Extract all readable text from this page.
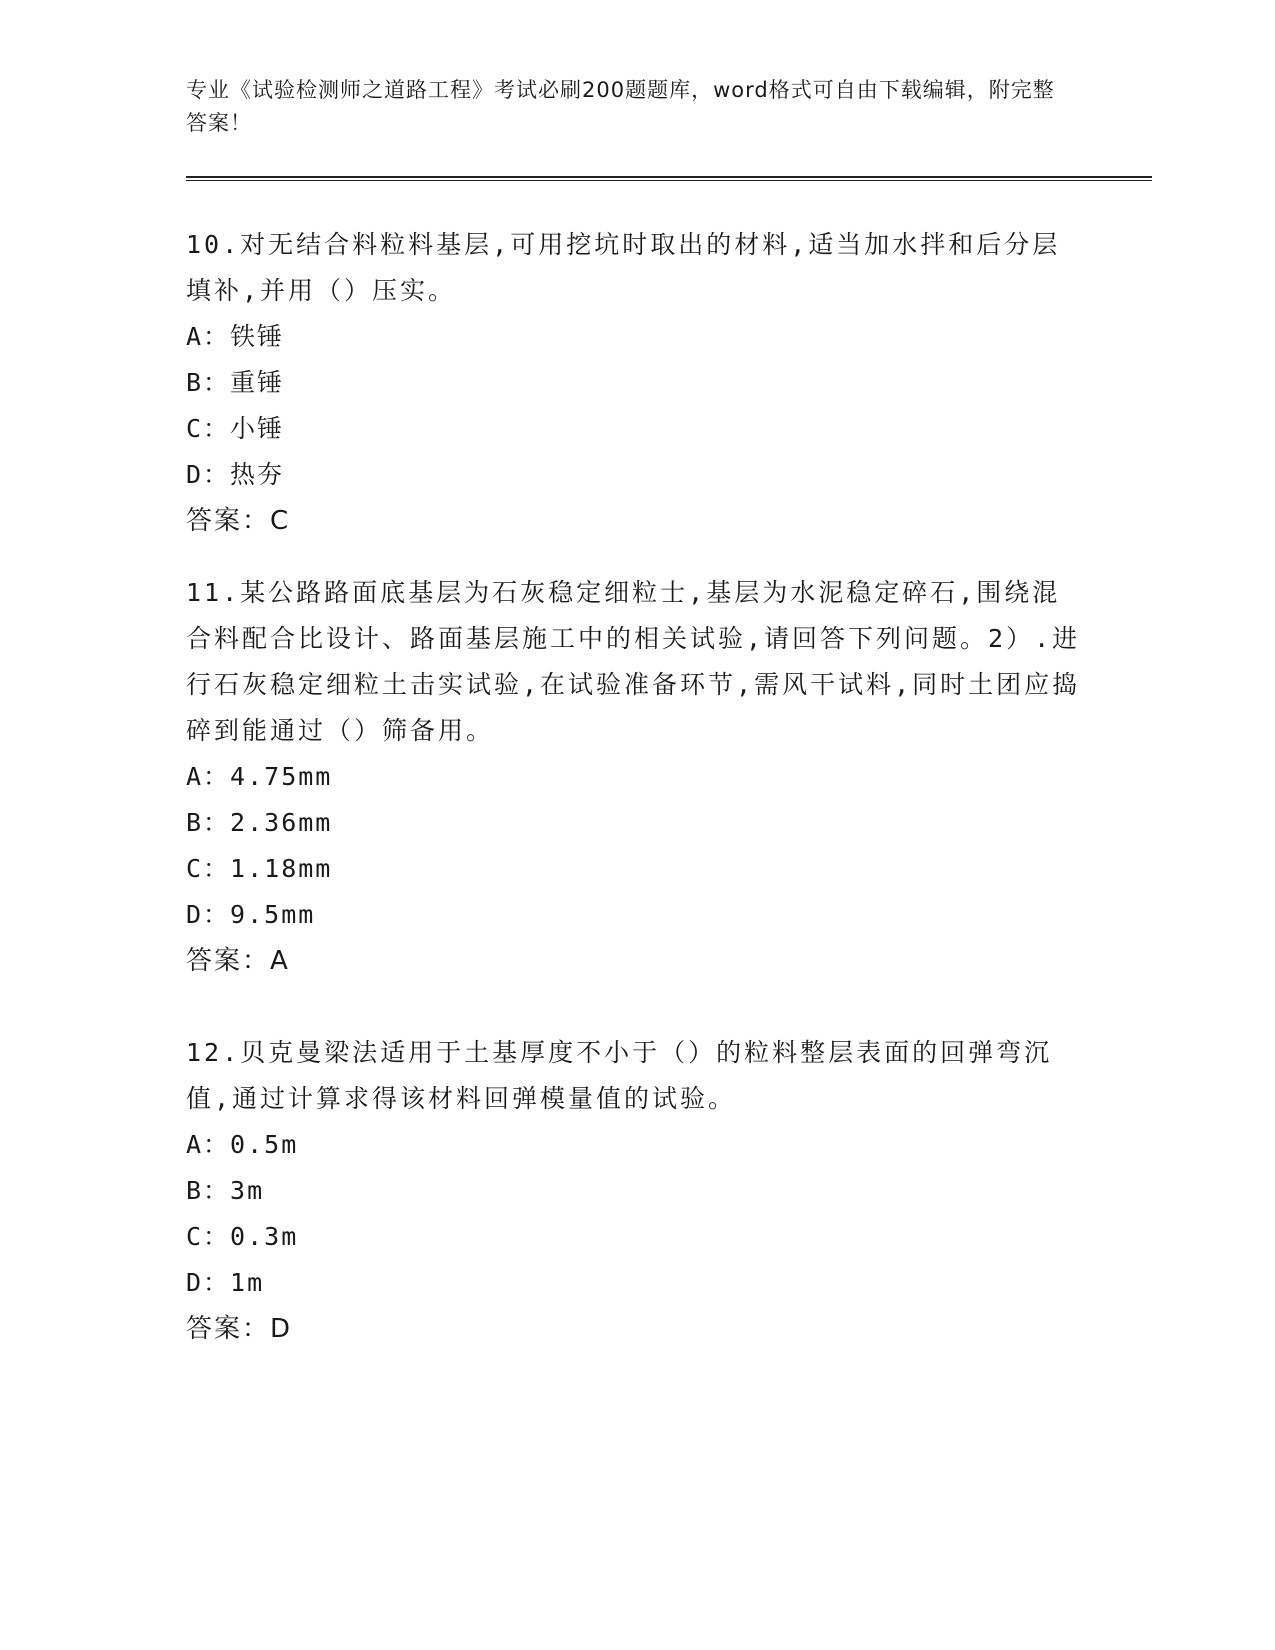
专业《试验检测师之道路工程》考试必刷200题题库，word格式可自由下载编辑，附完整答案！

10.对无结合料粒料基层,可用挖坑时取出的材料,适当加水拌和后分层填补,并用（）压实。

A：铁锤

B：重锤

C：小锤

D：热夯

答案：C

11.某公路路面底基层为石灰稳定细粒士,基层为水泥稳定碎石,围绕混合料配合比设计、路面基层施工中的相关试验,请回答下列问题。2）.进行石灰稳定细粒土击实试验,在试验准备环节,需风干试料,同时土团应捣碎到能通过（）筛备用。

A：4.75mm

B：2.36mm

C：1.18mm

D：9.5mm

答案：A

12.贝克曼梁法适用于土基厚度不小于（）的粒料整层表面的回弹弯沉值,通过计算求得该材料回弹模量值的试验。

A：0.5m

B：3m

C：0.3m

D：1m

答案：D
